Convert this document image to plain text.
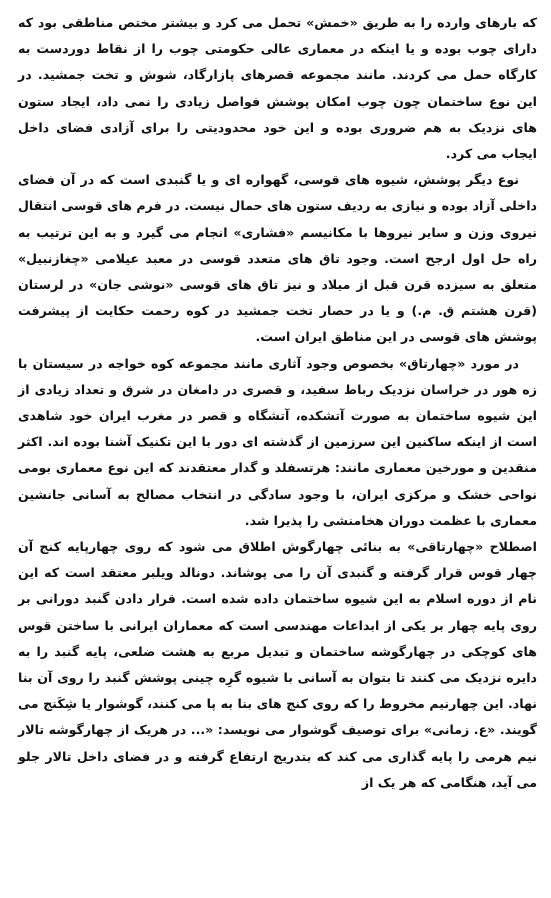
که بارهای وارده را به طریق «خمش» تحمل می کرد و بیشتر مختص مناطقی بود که دارای چوب بوده و یا اینکه در معماری عالی حکومتی چوب را از نقاط دوردست به کارگاه حمل می کردند. مانند مجموعه قصرهای پازارگاد، شوش و تخت جمشید. در این نوع ساختمان چون چوب امکان پوشش فواصل زیادی را نمی داد، ایجاد ستون های نزدیک به هم ضروری بوده و این خود محدودیتی را برای آزادی فضای داخل ایجاب می کرد.

نوع دیگر پوشش، شیوه های قوسی، گهواره ای و یا گنبدی است که در آن فضای داخلی آزاد بوده و نیازی به ردیف ستون های حمال نیست. در فرم های قوسی انتقال نیروی وزن و سایر نیروها با مکانیسم «فشاری» انجام می گیرد و به این ترتیب به راه حل اول ارجح است. وجود تاق های متعدد قوسی در معبد عیلامی «چغازنبیل» متعلق به سیزده قرن قبل از میلاد و نیز تاق های قوسی «نوشی جان» در لرستان (قرن هشتم ق. م.) و یا در حصار تخت جمشید در کوه رحمت حکایت از پیشرفت پوشش های قوسی در این مناطق ایران است.

در مورد «چهارتاق» بخصوص وجود آثاری مانند مجموعه کوه خواجه در سیستان با زه هور در خراسان نزدیک رباط سفید، و قصری در دامغان در شرق و تعداد زیادی از این شیوه ساختمان به صورت آتشکده، آتشگاه و قصر در مغرب ایران خود شاهدی است از اینکه ساکنین این سرزمین از گذشته ای دور با این تکنیک آشنا بوده اند. اکثر منقدین و مورخین معماری مانند: هرتسفلد و گدار معتقدند که این نوع معماری بومی نواحی خشک و مرکزی ایران، با وجود سادگی در انتخاب مصالح به آسانی جانشین معماری با عظمت دوران هخامنشی را پذیرا شد.

اصطلاح «چهارتاقی» به بنائی چهارگوش اطلاق می شود که روی چهارپایه کنج آن چهار قوس قرار گرفته و گنبدی آن را می پوشاند. دونالد ویلبر معتقد است که این نام از دوره اسلام به این شیوه ساختمان داده شده است. قرار دادن گنبد دورانی بر روی پایه چهار بر یکی از ابداعات مهندسی است که معماران ایرانی با ساختن قوس های کوچکی در چهارگوشه ساختمان و تبدیل مربع به هشت ضلعی، پایه گنبد را به دایره نزدیک می کنند تا بتوان به آسانی با شیوه گرِه چینی پوشش گنبد را روی آن بنا نهاد. این چهارنیم مخروط را که روی کنج های بنا به پا می کنند، گوشوار یا شِکَنج می گویند. «ع. زمانی» برای توصیف گوشوار می نویسد: «... در هریک از چهارگوشه تالار نیم هرمی را پایه گذاری می کند که بتدریج ارتفاع گرفته و در فضای داخل تالار جلو می آید، هنگامی که هر یک از
